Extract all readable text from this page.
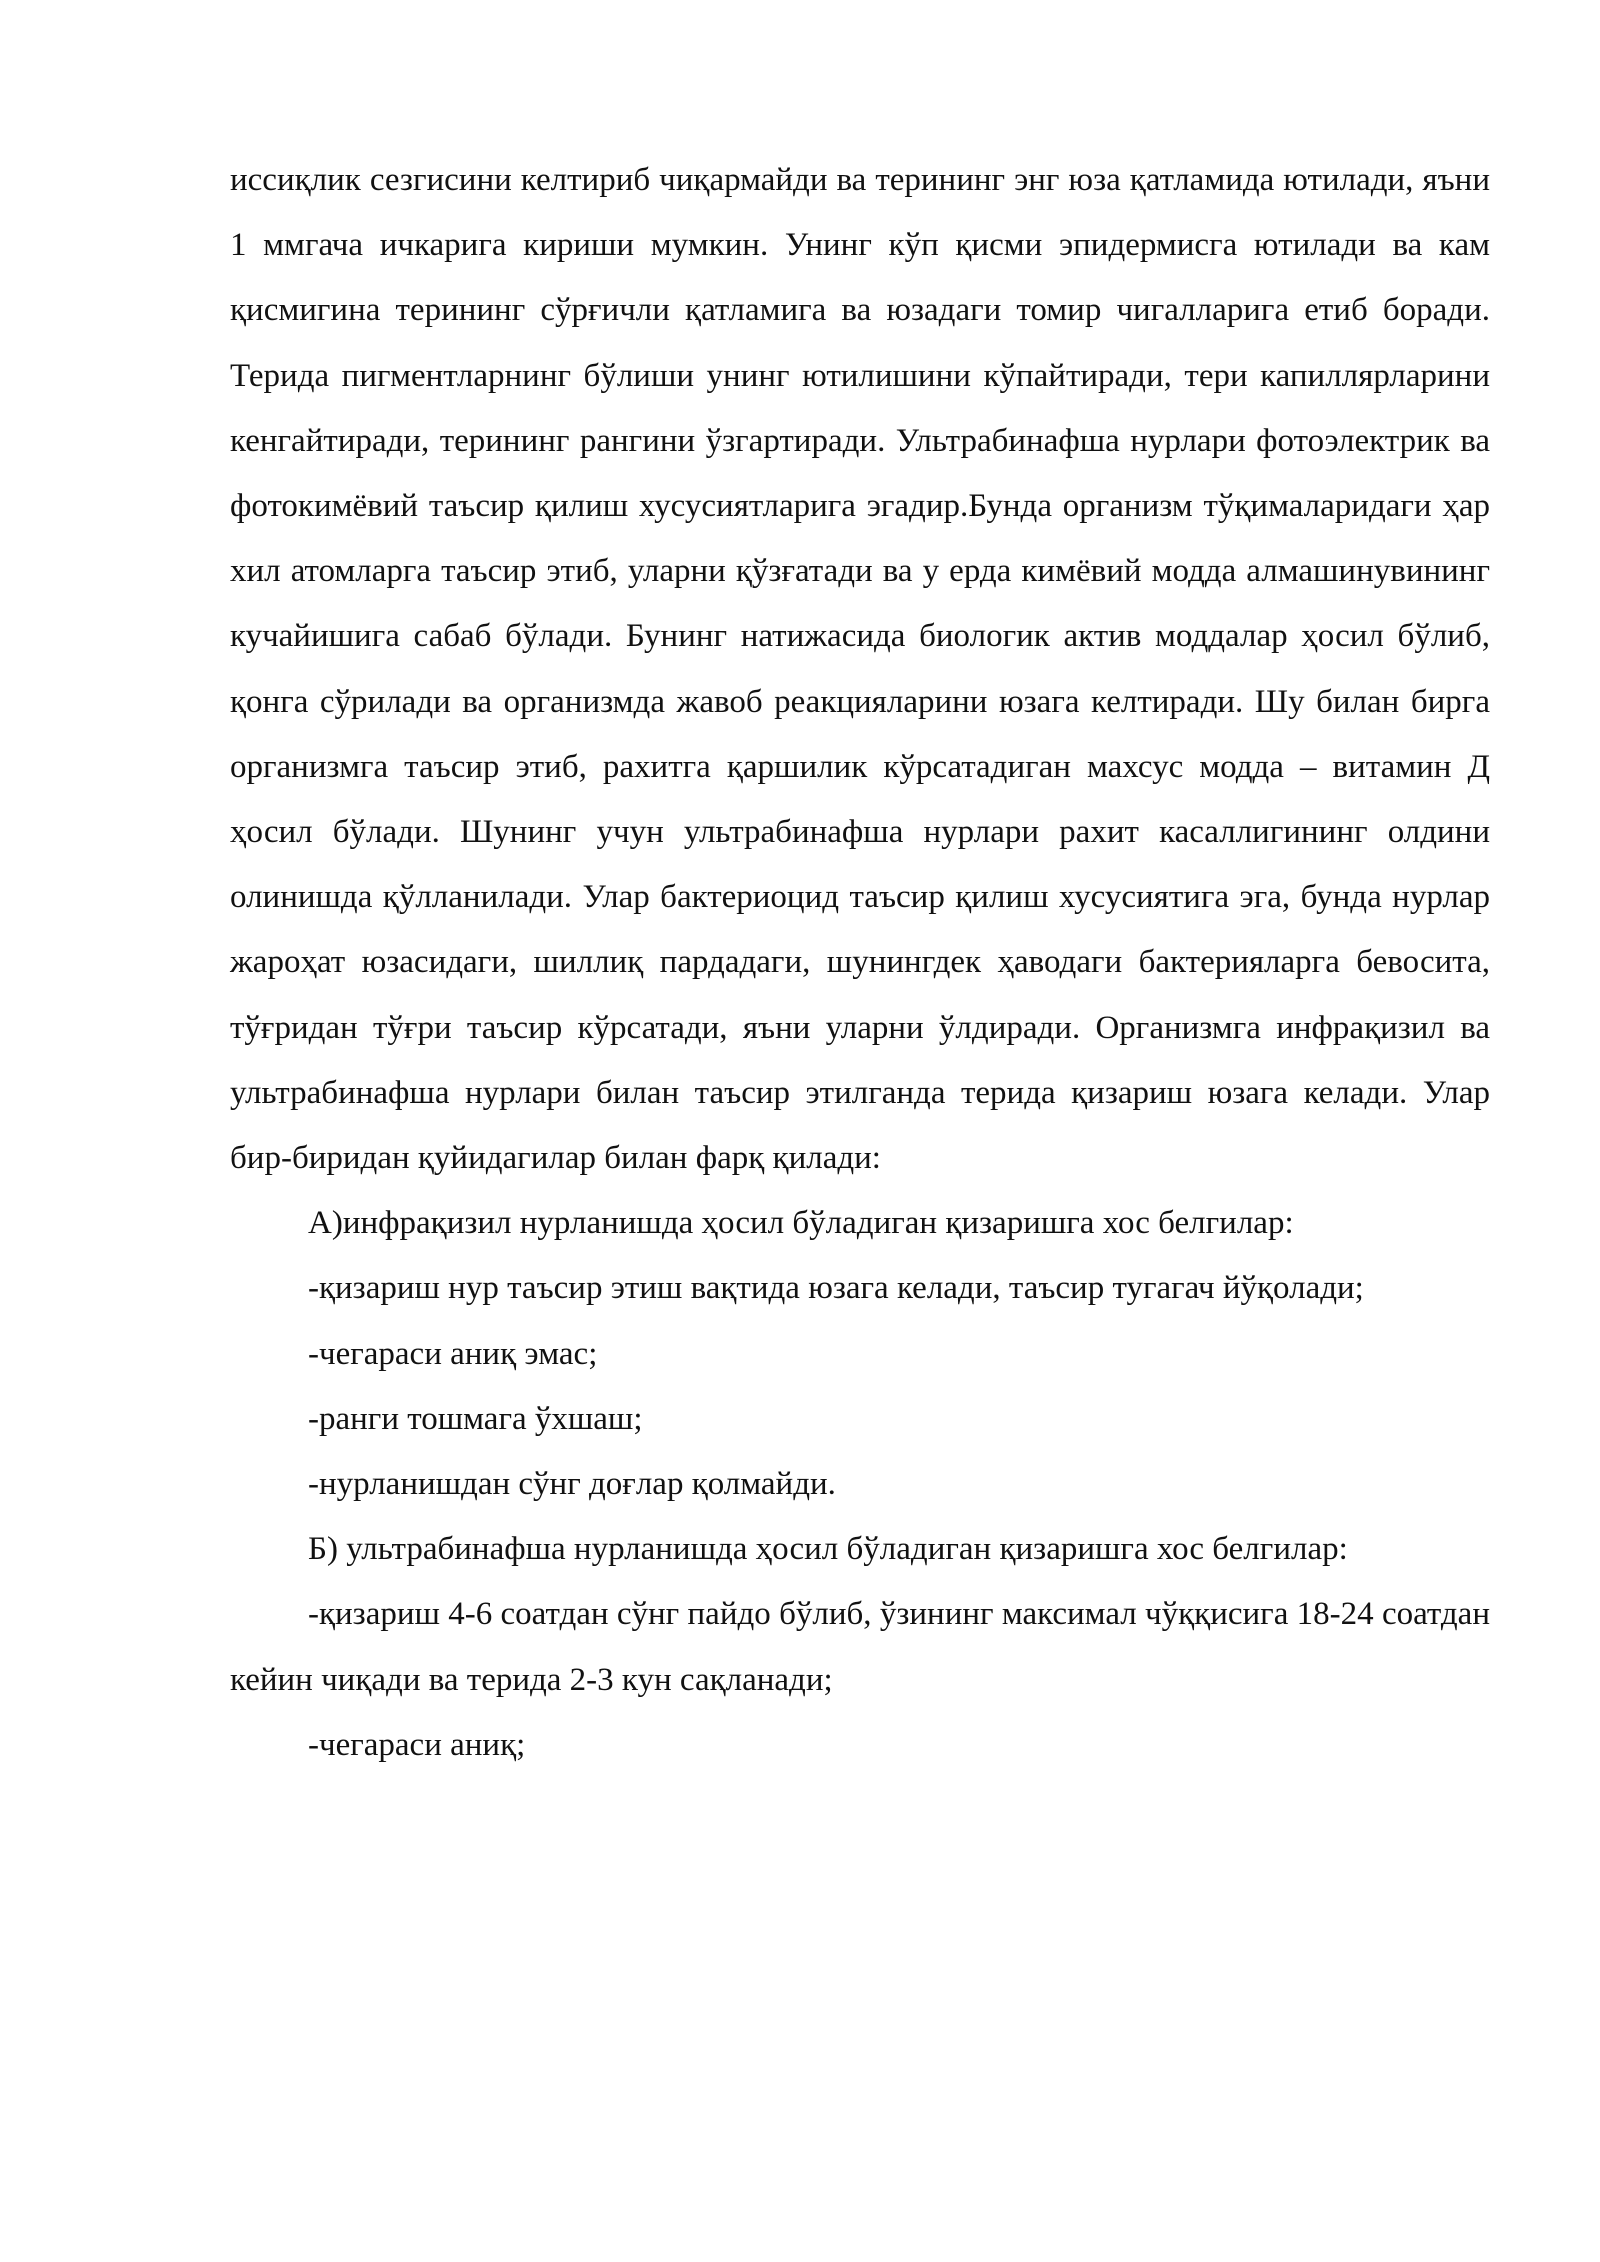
иссиқлик сезгисини келтириб чиқармайди ва терининг энг юза қатламида ютилади, яъни 1 ммгача ичкарига кириши мумкин. Унинг кўп қисми эпидермисга ютилади ва кам қисмигина терининг сўрғичли қатламига ва юзадаги томир чигалларига етиб боради. Терида пигментларнинг бўлиши унинг ютилишини кўпайтиради, тери капиллярларини кенгайтиради, терининг рангини ўзгартиради. Ультрабинафша нурлари фотоэлектрик ва фотокимёвий таъсир қилиш хусусиятларига эгадир.Бунда организм тўқималаридаги ҳар хил атомларга таъсир этиб, уларни қўзғатади ва у ерда кимёвий модда алмашинувининг кучайишига сабаб бўлади. Бунинг натижасида биологик актив моддалар ҳосил бўлиб, қонга сўрилади ва организмда жавоб реакцияларини юзага келтиради. Шу билан бирга организмга таъсир этиб, рахитга қаршилик кўрсатадиган махсус модда – витамин Д ҳосил бўлади. Шунинг учун ультрабинафша нурлари рахит касаллигининг олдини олинишда қўлланилади. Улар бактериоцид таъсир қилиш хусусиятига эга, бунда нурлар жароҳат юзасидаги, шиллиқ пардадаги, шунингдек ҳаводаги бактерияларга бевосита, тўғридан тўғри таъсир кўрсатади, яъни уларни ўлдиради. Организмга инфрақизил ва ультрабинафша нурлари билан таъсир этилганда терида қизариш юзага келади. Улар бир-биридан қуйидагилар билан фарқ қилади:

А)инфрақизил нурланишда ҳосил бўладиган қизаришга хос белгилар:

-қизариш нур таъсир этиш вақтида юзага келади, таъсир тугагач йўқолади;

-чегараси аниқ эмас;

-ранги тошмага ўхшаш;

-нурланишдан сўнг доғлар қолмайди.

Б) ультрабинафша нурланишда ҳосил бўладиган қизаришга хос белгилар:

-қизариш 4-6 соатдан сўнг пайдо бўлиб, ўзининг максимал чўққисига 18-24 соатдан кейин чиқади ва терида 2-3 кун сақланади;

-чегараси аниқ;
